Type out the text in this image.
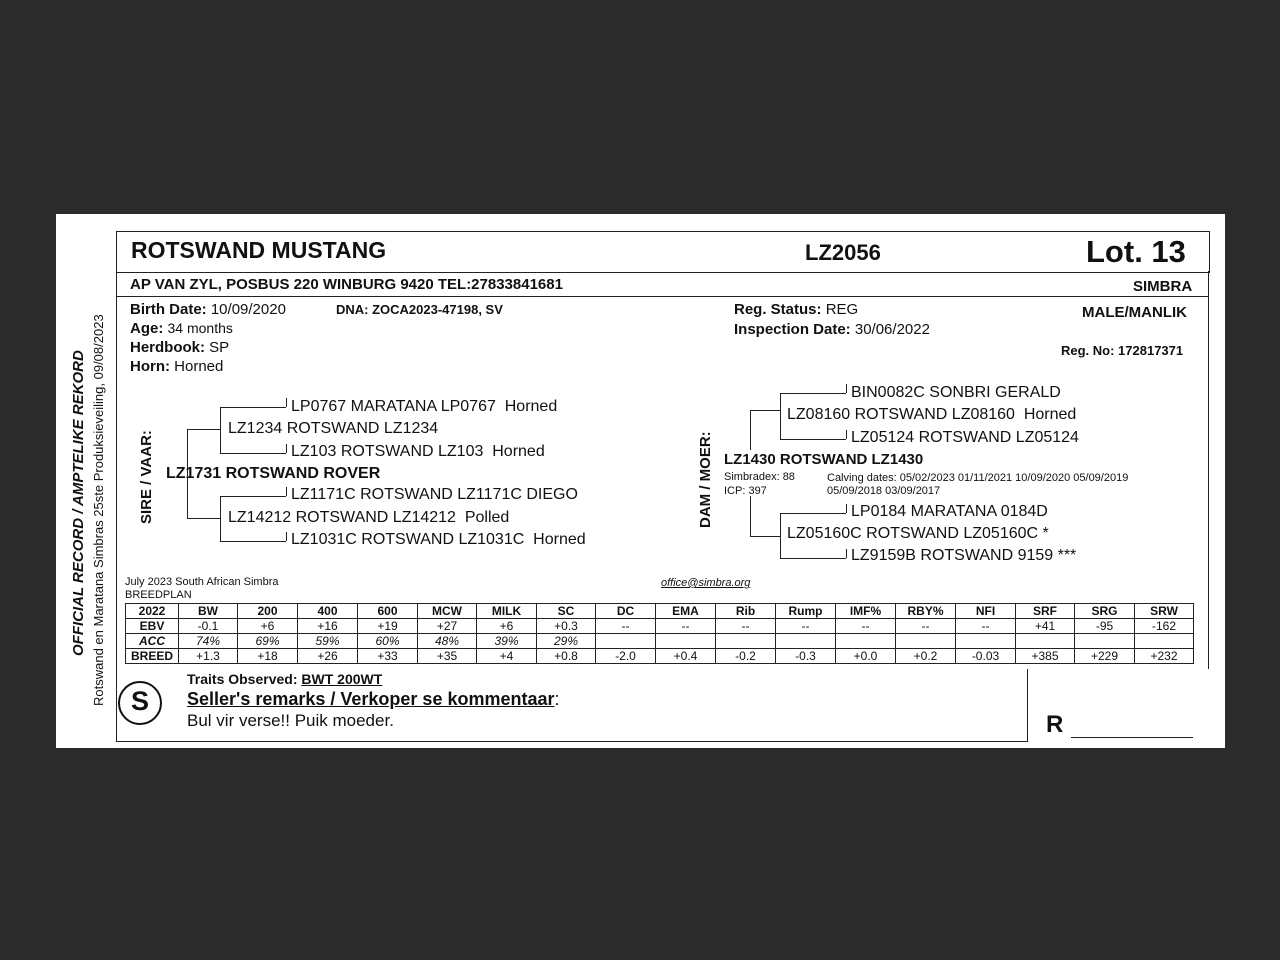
OFFICIAL RECORD / AMPTELIKE REKORD Rotswand en Maratana Simbras 25ste Produksieveiling, 09/08/2023
ROTSWAND MUSTANG	LZ2056	Lot. 13
AP VAN ZYL, POSBUS 220 WINBURG 9420 TEL:27833841681	SIMBRA
Birth Date: 10/09/2020	DNA: ZOCA2023-47198, SV
Age: 34 months
Herdbook: SP
Horn: Horned
Reg. Status: REG
Inspection Date: 30/06/2022
MALE/MANLIK
Reg. No: 172817371
SIRE / VAAR:
LP0767 MARATANA LP0767 Horned
LZ1234 ROTSWAND LZ1234
LZ103 ROTSWAND LZ103 Horned
LZ1731 ROTSWAND ROVER
LZ1171C ROTSWAND LZ1171C DIEGO
LZ14212 ROTSWAND LZ14212 Polled
LZ1031C ROTSWAND LZ1031C Horned
DAM / MOER:
BIN0082C SONBRI GERALD
LZ08160 ROTSWAND LZ08160 Horned
LZ05124 ROTSWAND LZ05124
LZ1430 ROTSWAND LZ1430
Simbradex: 88
ICP: 397
Calving dates: 05/02/2023 01/11/2021 10/09/2020 05/09/2019
05/09/2018 03/09/2017
LP0184 MARATANA 0184D
LZ05160C ROTSWAND LZ05160C *
LZ9159B ROTSWAND 9159 ***
July 2023 South African Simbra
BREEDPLAN
office@simbra.org
2022	BW	200	400	600	MCW	MILK	SC	DC	EMA	Rib	Rump	IMF%	RBY%	NFI	SRF	SRG	SRW
EBV	-0.1	+6	+16	+19	+27	+6	+0.3	--	--	--	--	--	--	--	+41	-95	-162
ACC	74%	69%	59%	60%	48%	39%	29%										
BREED	+1.3	+18	+26	+33	+35	+4	+0.8	-2.0	+0.4	-0.2	-0.3	+0.0	+0.2	-0.03	+385	+229	+232
S
Traits Observed: BWT 200WT
Seller's remarks / Verkoper se kommentaar:
Bul vir verse!! Puik moeder.	R
